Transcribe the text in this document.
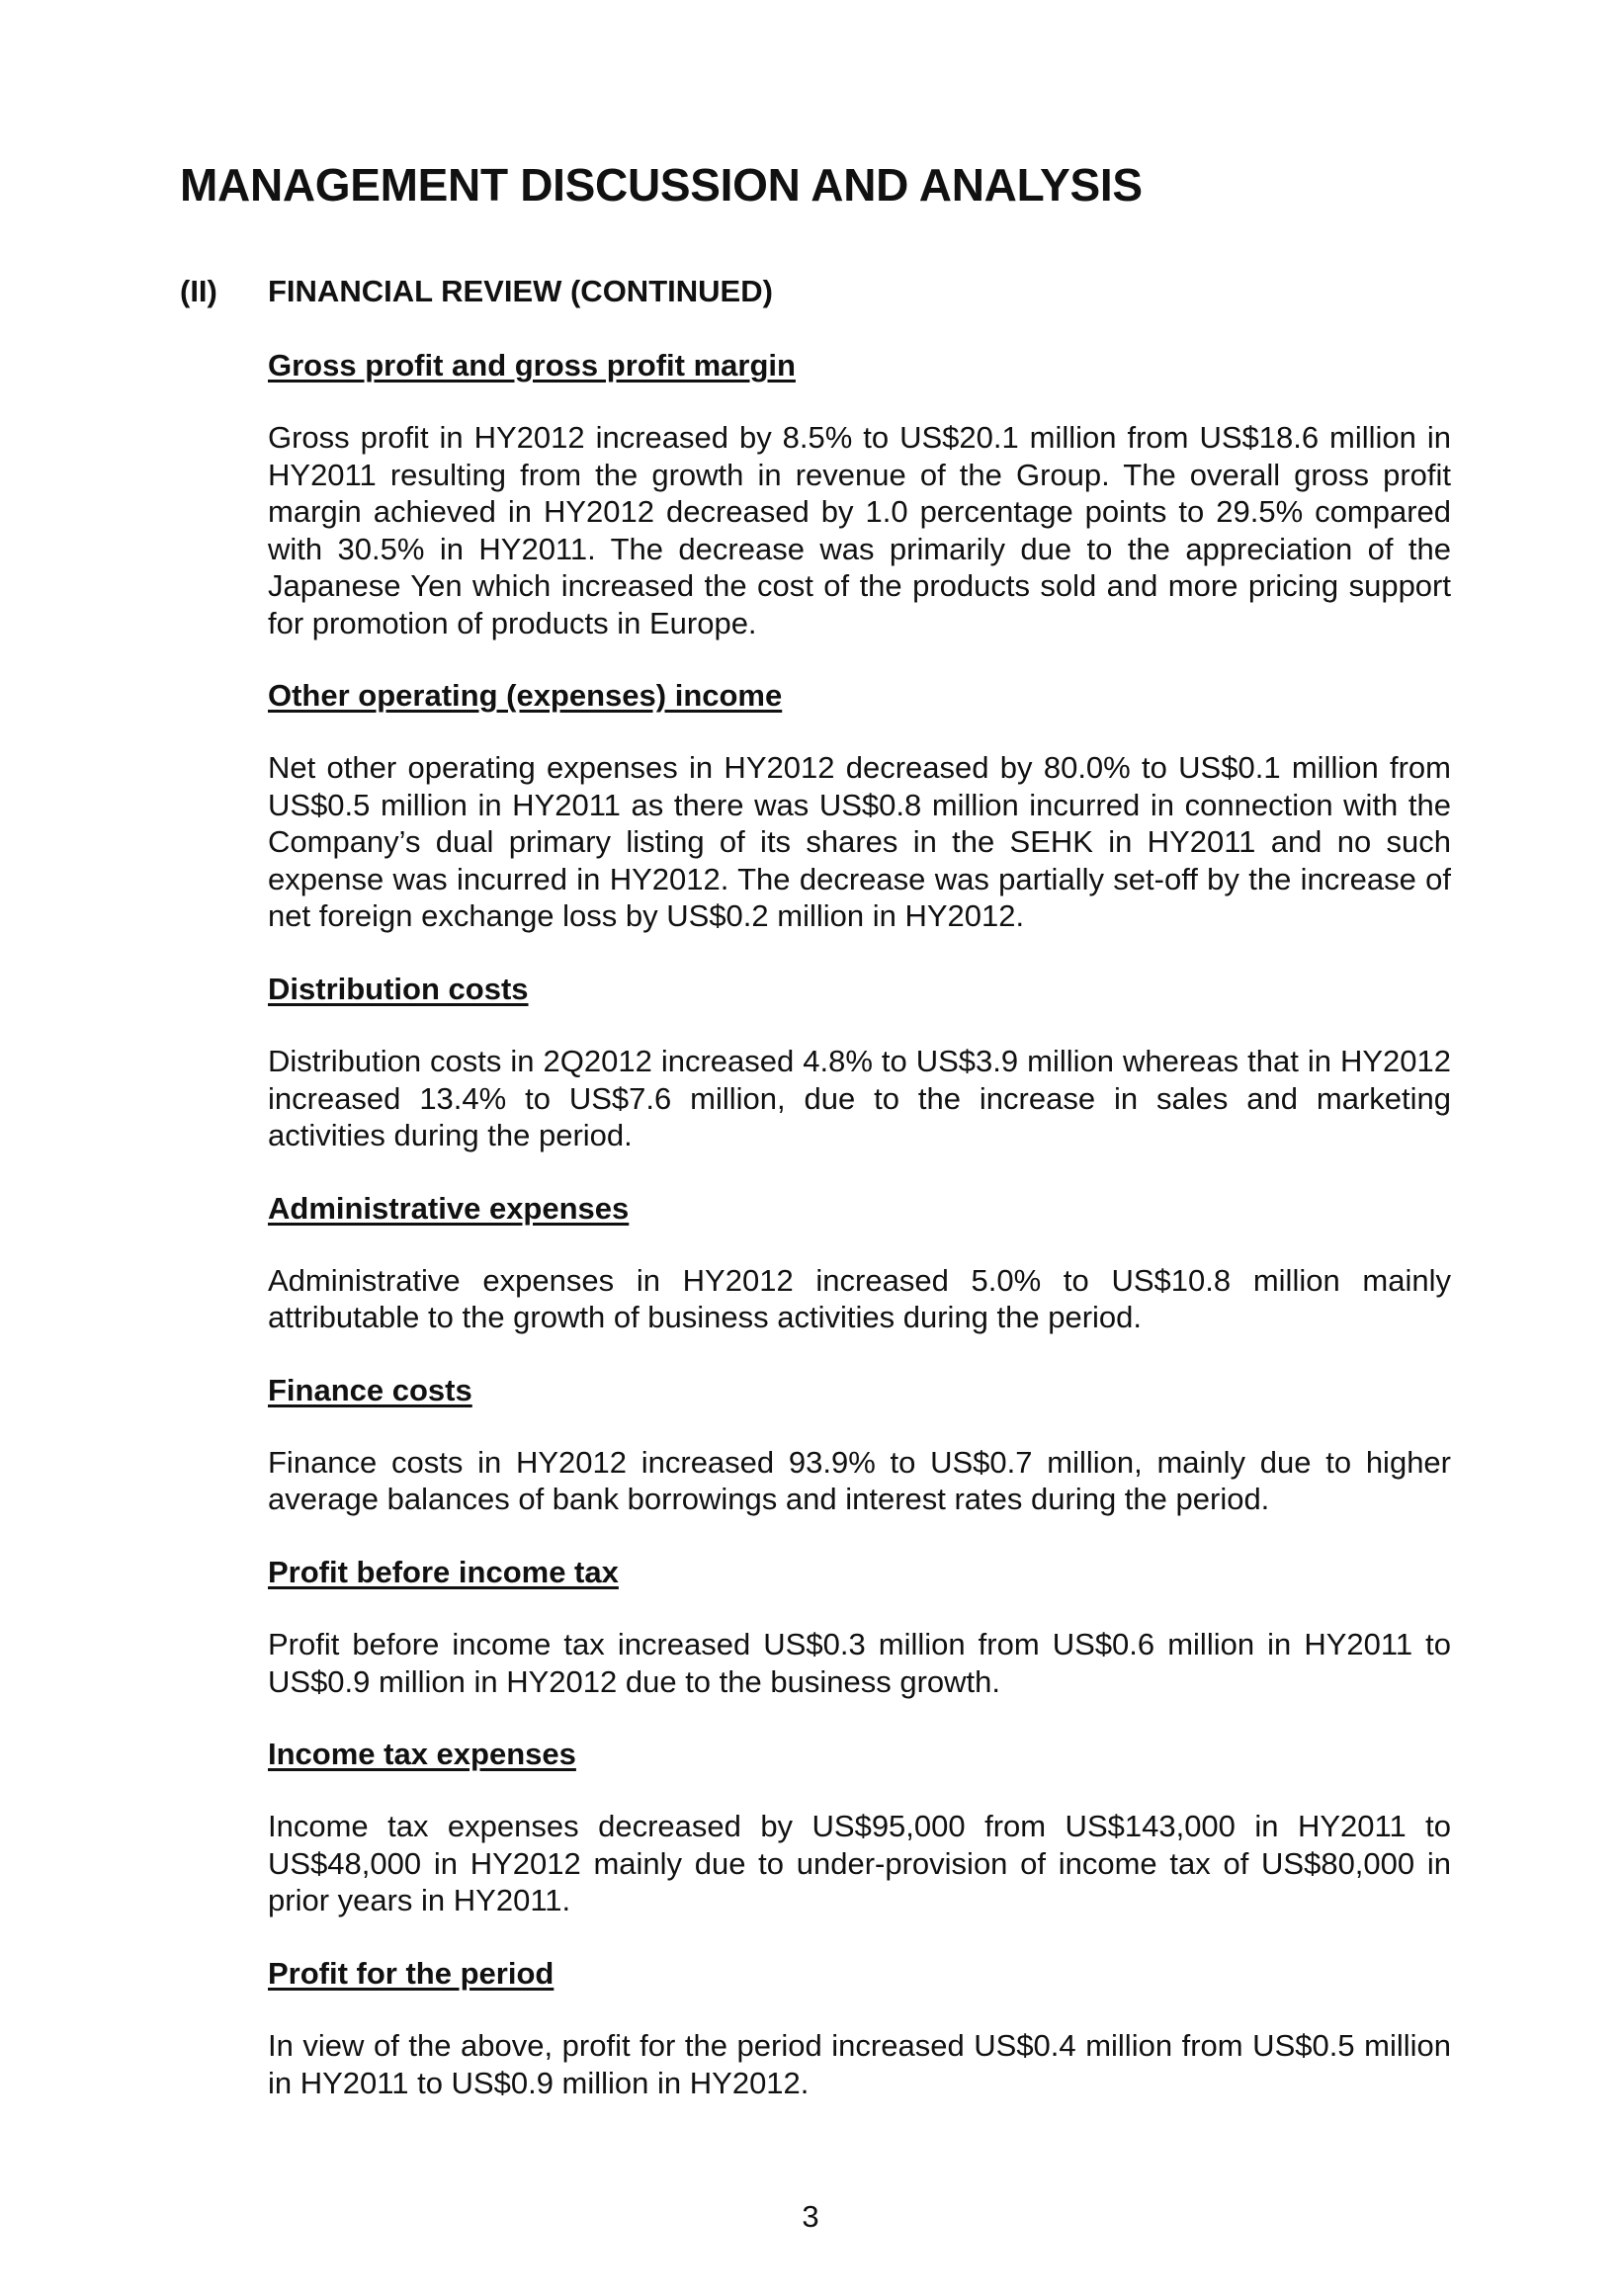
MANAGEMENT DISCUSSION AND ANALYSIS
(II) FINANCIAL REVIEW (CONTINUED)
Gross profit and gross profit margin

Gross profit in HY2012 increased by 8.5% to US$20.1 million from US$18.6 million in HY2011 resulting from the growth in revenue of the Group. The overall gross profit margin achieved in HY2012 decreased by 1.0 percentage points to 29.5% compared with 30.5% in HY2011. The decrease was primarily due to the appreciation of the Japanese Yen which increased the cost of the products sold and more pricing support for promotion of products in Europe.

Other operating (expenses) income

Net other operating expenses in HY2012 decreased by 80.0% to US$0.1 million from US$0.5 million in HY2011 as there was US$0.8 million incurred in connection with the Company’s dual primary listing of its shares in the SEHK in HY2011 and no such expense was incurred in HY2012. The decrease was partially set-off by the increase of net foreign exchange loss by US$0.2 million in HY2012.

Distribution costs

Distribution costs in 2Q2012 increased 4.8% to US$3.9 million whereas that in HY2012 increased 13.4% to US$7.6 million, due to the increase in sales and marketing activities during the period.

Administrative expenses

Administrative expenses in HY2012 increased 5.0% to US$10.8 million mainly attributable to the growth of business activities during the period.

Finance costs

Finance costs in HY2012 increased 93.9% to US$0.7 million, mainly due to higher average balances of bank borrowings and interest rates during the period.

Profit before income tax

Profit before income tax increased US$0.3 million from US$0.6 million in HY2011 to US$0.9 million in HY2012 due to the business growth.

Income tax expenses

Income tax expenses decreased by US$95,000 from US$143,000 in HY2011 to US$48,000 in HY2012 mainly due to under-provision of income tax of US$80,000 in prior years in HY2011.

Profit for the period

In view of the above, profit for the period increased US$0.4 million from US$0.5 million in HY2011 to US$0.9 million in HY2012.

3
